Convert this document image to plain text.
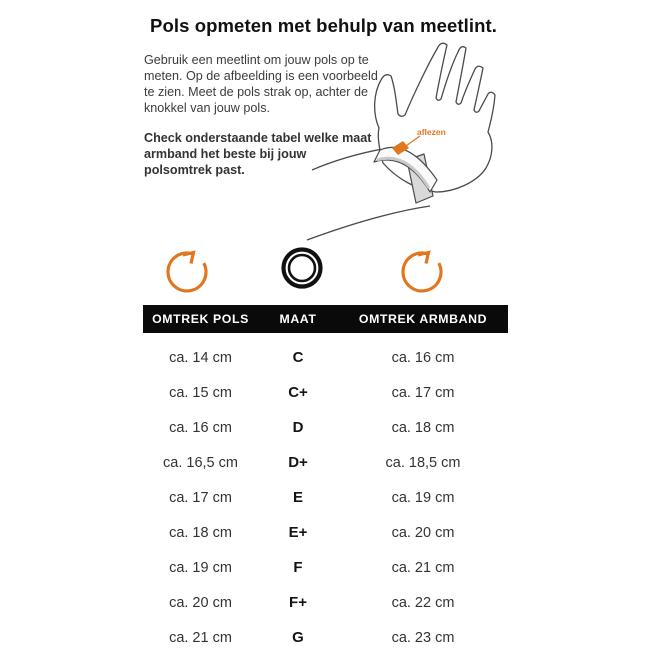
Pols opmeten met behulp van meetlint.
Gebruik een meetlint om jouw pols op te
meten. Op de afbeelding is een voorbeeld
te zien. Meet de pols strak op, achter de
knokkel van jouw pols.
Check onderstaande tabel welke maat
armband het beste bij jouw
polsomtrek past.
aflezen
OMTREK POLS	MAAT	OMTREK ARMBAND
ca. 14 cm	C	ca. 16 cm
ca. 15 cm	C+	ca. 17 cm
ca. 16 cm	D	ca. 18 cm
ca. 16,5 cm	D+	ca. 18,5 cm
ca. 17 cm	E	ca. 19 cm
ca. 18 cm	E+	ca. 20 cm
ca. 19 cm	F	ca. 21 cm
ca. 20 cm	F+	ca. 22 cm
ca. 21 cm	G	ca. 23 cm
